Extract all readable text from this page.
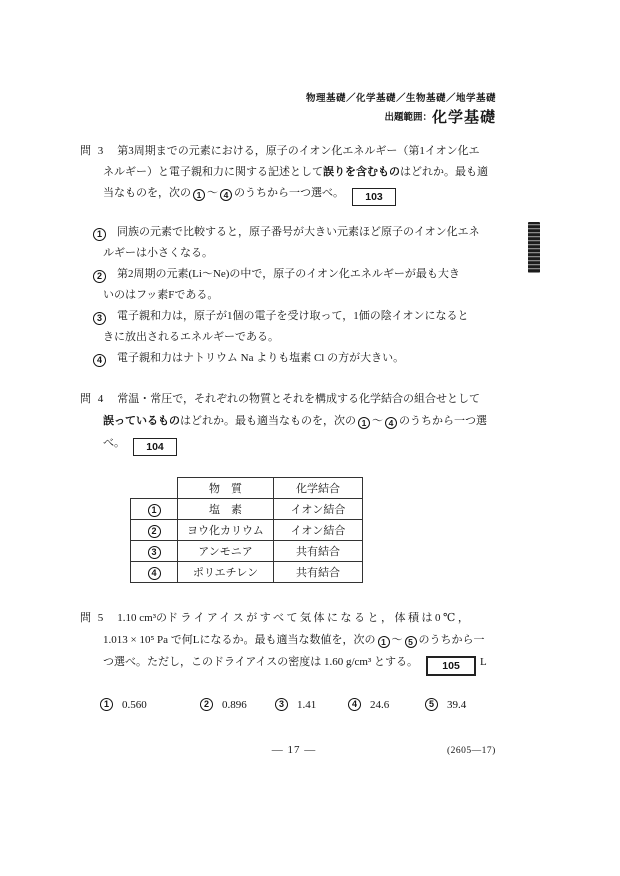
物理基礎／化学基礎／生物基礎／地学基礎
出題範囲：化学基礎
問 3 第3周期までの元素における，原子のイオン化エネルギー（第1イオン化エ
ネルギー）と電子親和力に関する記述として誤りを含むものはどれか。最も適
当なものを，次の 1 ～ 4 のうちから一つ選べ。 103
1 同族の元素で比較すると，原子番号が大きい元素ほど原子のイオン化エネ
ルギーは小さくなる。
2 第2周期の元素(Li～Ne)の中で，原子のイオン化エネルギーが最も大き
いのはフッ素Fである。
3 電子親和力は，原子が1個の電子を受け取って，1価の陰イオンになると
きに放出されるエネルギーである。
4 電子親和力はナトリウム Na よりも塩素 Cl の方が大きい。
問 4 常温・常圧で，それぞれの物質とそれを構成する化学結合の組合せとして
誤っているものはどれか。最も適当なものを，次の 1 ～ 4 のうちから一つ選
べ。 104
	物　質	化学結合
1	塩　素	イオン結合
2	ヨウ化カリウム	イオン結合
3	アンモニア	共有結合
4	ポリエチレン	共有結合
問 5 1.10 cm³のドライアイスがすべて気体になると，体積は0℃，
1.013 × 10⁵ Pa で何Lになるか。最も適当な数値を，次の 1 ～ 5 のうちから一
つ選べ。ただし，このドライアイスの密度は 1.60 g/cm³ とする。 105 L
1	0.560	2	0.896	3	1.41	4	24.6	5	39.4
— 17 —	(2605—17)
